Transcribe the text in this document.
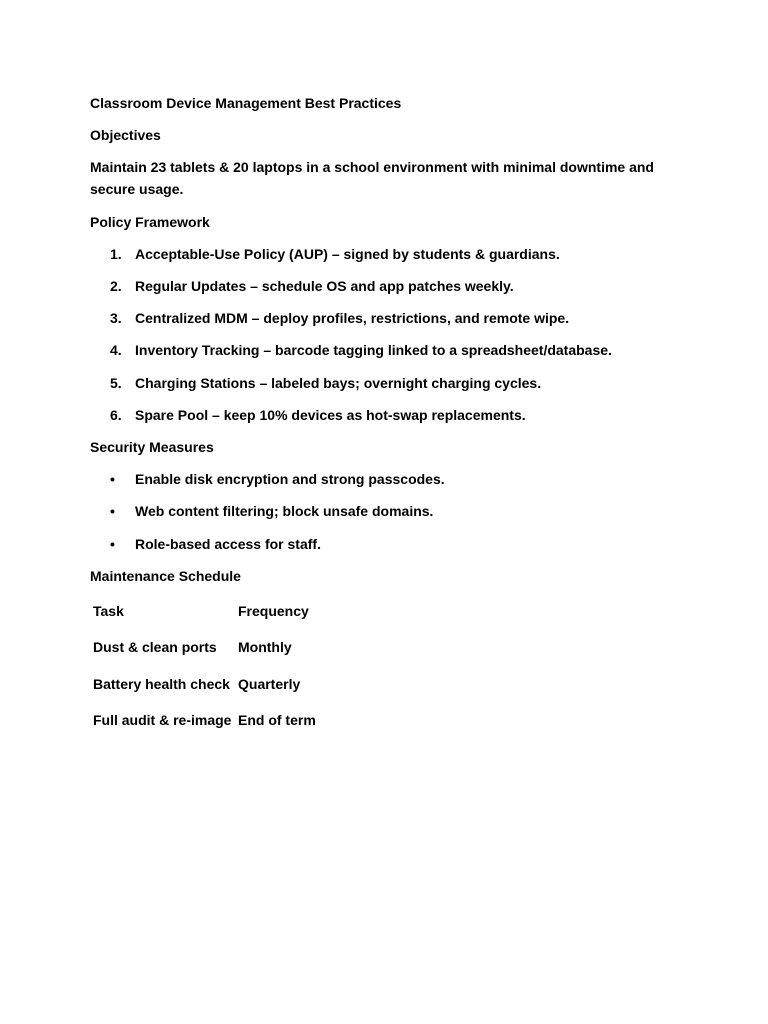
Classroom Device Management Best Practices
Objectives
Maintain 23 tablets & 20 laptops in a school environment with minimal downtime and secure usage.
Policy Framework
1. Acceptable-Use Policy (AUP) – signed by students & guardians.
2. Regular Updates – schedule OS and app patches weekly.
3. Centralized MDM – deploy profiles, restrictions, and remote wipe.
4. Inventory Tracking – barcode tagging linked to a spreadsheet/database.
5. Charging Stations – labeled bays; overnight charging cycles.
6. Spare Pool – keep 10% devices as hot-swap replacements.
Security Measures
• Enable disk encryption and strong passcodes.
• Web content filtering; block unsafe domains.
• Role-based access for staff.
Maintenance Schedule
Task	Frequency
Dust & clean ports Monthly
Battery health check Quarterly
Full audit & re-image End of term
